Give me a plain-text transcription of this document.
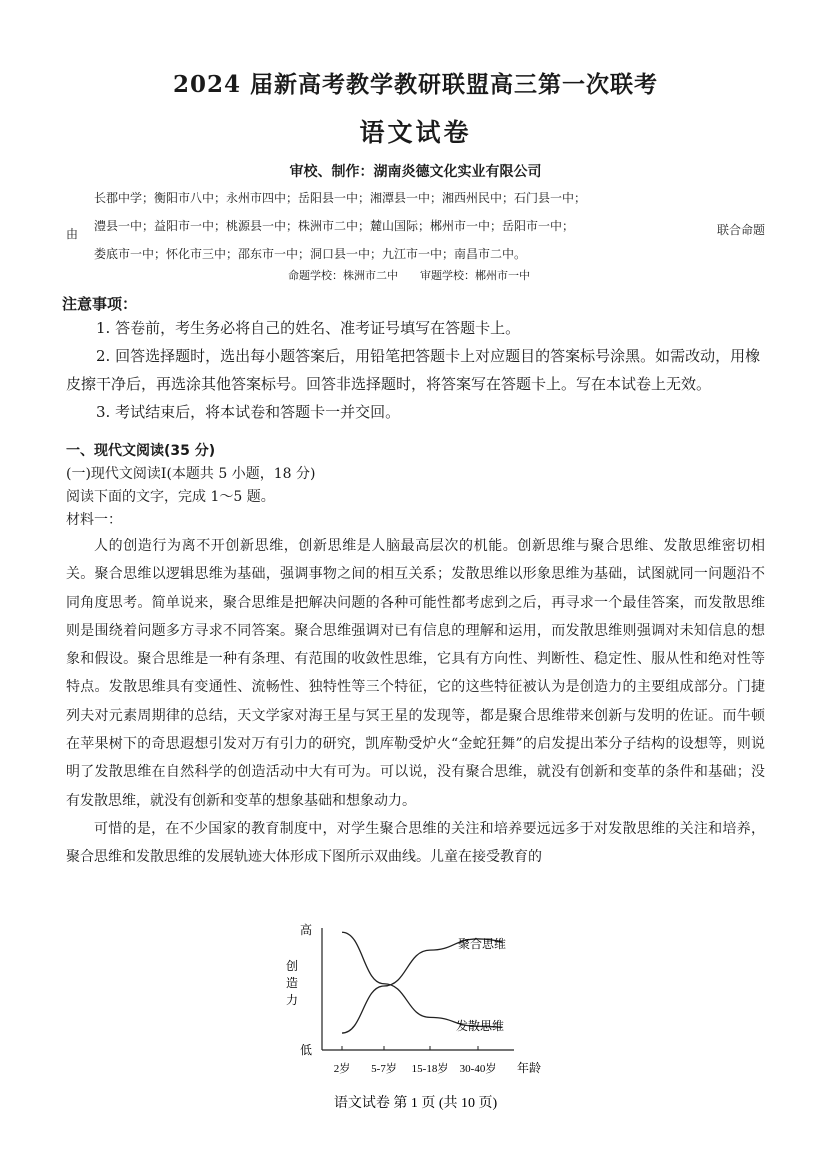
2024 届新高考教学教研联盟高三第一次联考
语文试卷

审校、制作：湖南炎德文化实业有限公司

由
长郡中学；衡阳市八中；永州市四中；岳阳县一中；湘潭县一中；湘西州民中；石门县一中；
澧县一中；益阳市一中；桃源县一中；株洲市二中；麓山国际；郴州市一中；岳阳市一中；
娄底市一中；怀化市三中；邵东市一中；洞口县一中；九江市一中；南昌市二中。
命题学校：株洲市二中　　审题学校：郴州市一中
联合命题

注意事项：

1. 答卷前，考生务必将自己的姓名、准考证号填写在答题卡上。

2. 回答选择题时，选出每小题答案后，用铅笔把答题卡上对应题目的答案标号涂黑。如需改动，用橡皮擦干净后，再选涂其他答案标号。回答非选择题时，将答案写在答题卡上。写在本试卷上无效。

3. 考试结束后，将本试卷和答题卡一并交回。

一、现代文阅读(35 分)

(一)现代文阅读Ⅰ(本题共 5 小题，18 分)

阅读下面的文字，完成 1～5 题。

材料一：

人的创造行为离不开创新思维，创新思维是人脑最高层次的机能。创新思维与聚合思维、发散思维密切相关。聚合思维以逻辑思维为基础，强调事物之间的相互关系；发散思维以形象思维为基础，试图就同一问题沿不同角度思考。简单说来，聚合思维是把解决问题的各种可能性都考虑到之后，再寻求一个最佳答案，而发散思维则是围绕着问题多方寻求不同答案。聚合思维强调对已有信息的理解和运用，而发散思维则强调对未知信息的想象和假设。聚合思维是一种有条理、有范围的收敛性思维，它具有方向性、判断性、稳定性、服从性和绝对性等特点。发散思维具有变通性、流畅性、独特性等三个特征，它的这些特征被认为是创造力的主要组成部分。门捷列夫对元素周期律的总结，天文学家对海王星与冥王星的发现等，都是聚合思维带来创新与发明的佐证。而牛顿在苹果树下的奇思遐想引发对万有引力的研究，凯库勒受炉火“金蛇狂舞”的启发提出苯分子结构的设想等，则说明了发散思维在自然科学的创造活动中大有可为。可以说，没有聚合思维，就没有创新和变革的条件和基础；没有发散思维，就没有创新和变革的想象基础和想象动力。

可惜的是，在不少国家的教育制度中，对学生聚合思维的关注和培养要远远多于对发散思维的关注和培养，聚合思维和发散思维的发展轨迹大体形成下图所示双曲线。儿童在接受教育的

高
低
创造力
年龄
2岁 5-7岁 15-18岁 30-40岁
聚合思维
发散思维
语文试卷 第 1 页 (共 10 页)
